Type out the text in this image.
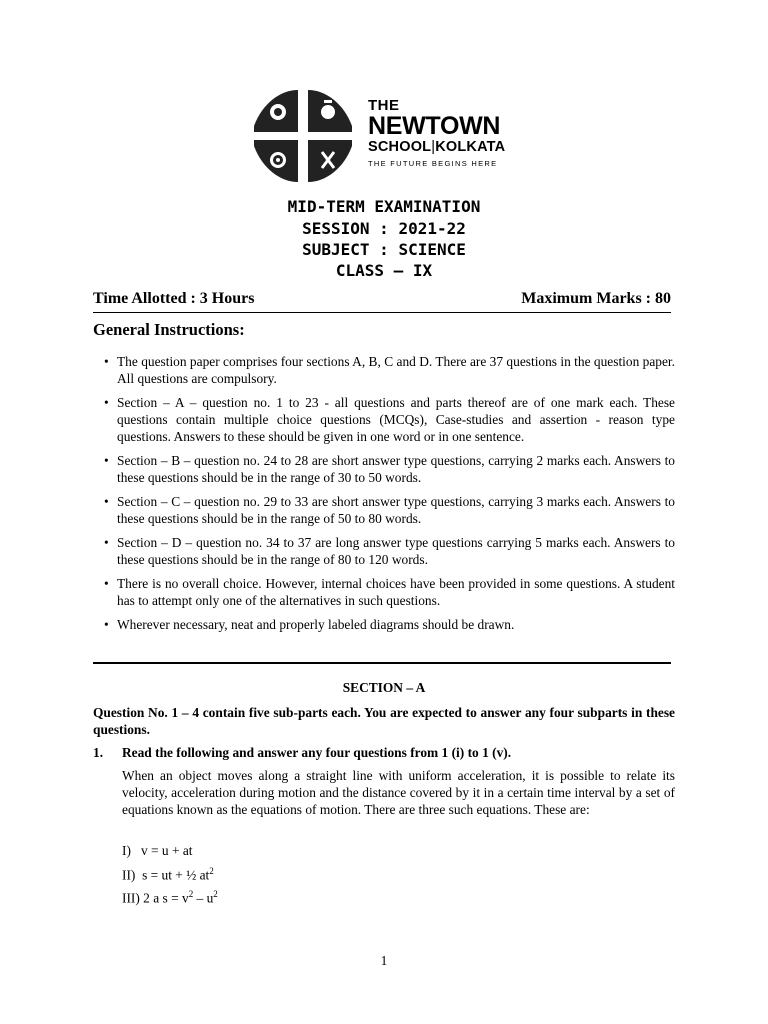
THE
NEWTOWN
SCHOOL|KOLKATA
THE FUTURE BEGINS HERE
MID-TERM EXAMINATION
SESSION : 2021-22
SUBJECT : SCIENCE
CLASS – IX
Time Allotted : 3 Hours	Maximum Marks : 80
General Instructions:
• The question paper comprises four sections A, B, C and D. There are 37 questions in the question paper. All questions are compulsory.
• Section – A – question no. 1 to 23 - all questions and parts thereof are of one mark each. These questions contain multiple choice questions (MCQs), Case-studies and assertion - reason type questions. Answers to these should be given in one word or in one sentence.
• Section – B – question no. 24 to 28 are short answer type questions, carrying 2 marks each. Answers to these questions should be in the range of 30 to 50 words.
• Section – C – question no. 29 to 33 are short answer type questions, carrying 3 marks each. Answers to these questions should be in the range of 50 to 80 words.
• Section – D – question no. 34 to 37 are long answer type questions carrying 5 marks each. Answers to these questions should be in the range of 80 to 120 words.
• There is no overall choice. However, internal choices have been provided in some questions. A student has to attempt only one of the alternatives in such questions.
• Wherever necessary, neat and properly labeled diagrams should be drawn.
SECTION – A
Question No. 1 – 4 contain five sub-parts each. You are expected to answer any four subparts in these questions.
1. Read the following and answer any four questions from 1 (i) to 1 (v).
When an object moves along a straight line with uniform acceleration, it is possible to relate its velocity, acceleration during motion and the distance covered by it in a certain time interval by a set of equations known as the equations of motion. There are three such equations. These are:
I)   v = u + at
II)  s = ut + ½ $at^2$
III) 2 a $s = v^2 - u^2$
1
